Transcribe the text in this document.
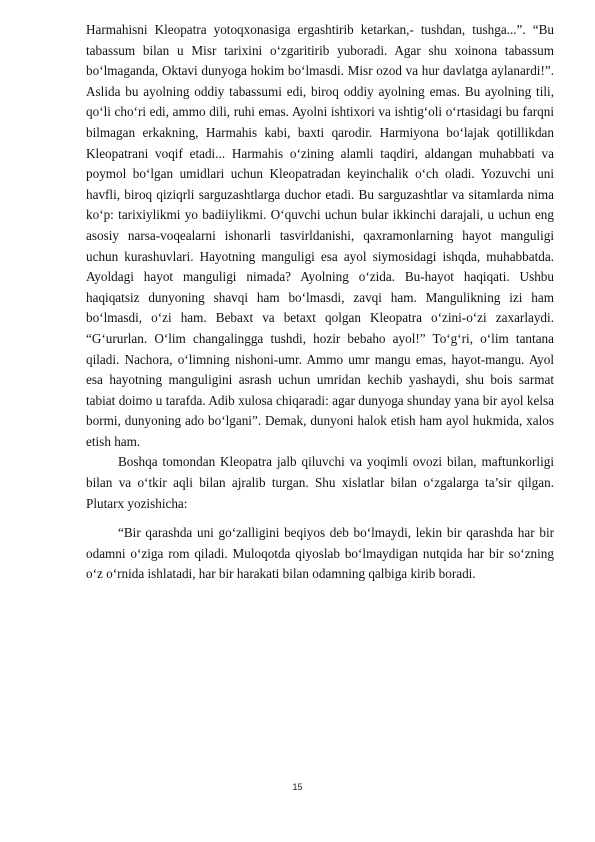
Harmahisni Kleopatra yotoqxonasiga ergashtirib ketarkan,- tushdan, tushga...”. “Bu tabassum bilan u Misr tarixini o‘zgaritirib yuboradi. Agar shu xoinona tabassum bo‘lmaganda, Oktavi dunyoga hokim bo‘lmasdi. Misr ozod va hur davlatga aylanardi!”. Aslida bu ayolning oddiy tabassumi edi, biroq oddiy ayolning emas. Bu ayolning tili, qo‘li cho‘ri edi, ammo dili, ruhi emas. Ayolni ishtixori va ishtig‘oli o‘rtasidagi bu farqni bilmagan erkakning, Harmahis kabi, baxti qarodir. Harmiyona bo‘lajak qotillikdan Kleopatrani voqif etadi... Harmahis o‘zining alamli taqdiri, aldangan muhabbati va poymol bo‘lgan umidlari uchun Kleopatradan keyinchalik o‘ch oladi. Yozuvchi uni havfli, biroq qiziqrli sarguzashtlarga duchor etadi. Bu sarguzashtlar va sitamlarda nima ko‘p: tarixiylikmi yo badiiylikmi. O‘quvchi uchun bular ikkinchi darajali, u uchun eng asosiy narsa-voqealarni ishonarli tasvirldanishi, qaxramonlarning hayot manguligi uchun kurashuvlari. Hayotning manguligi esa ayol siymosidagi ishqda, muhabbatda. Ayoldagi hayot manguligi nimada? Ayolning o‘zida. Bu-hayot haqiqati. Ushbu haqiqatsiz dunyoning shavqi ham bo‘lmasdi, zavqi ham. Mangulikning izi ham bo‘lmasdi, o‘zi ham. Bebaxt va betaxt qolgan Kleopatra o‘zini-o‘zi zaxarlaydi. “G‘ururlan. O‘lim changalingga tushdi, hozir bebaho ayol!” To‘g‘ri, o‘lim tantana qiladi. Nachora, o‘limning nishoni-umr. Ammo umr mangu emas, hayot-mangu. Ayol esa hayotning manguligini asrash uchun umridan kechib yashaydi, shu bois sarmat tabiat doimo u tarafda. Adib xulosa chiqaradi: agar dunyoga shunday yana bir ayol kelsa bormi, dunyoning ado bo‘lgani”. Demak, dunyoni halok etish ham ayol hukmida, xalos etish ham.

Boshqa tomondan Kleopatra jalb qiluvchi va yoqimli ovozi bilan, maftunkorligi bilan va o‘tkir aqli bilan ajralib turgan. Shu xislatlar bilan o‘zgalarga ta’sir qilgan. Plutarx yozishicha:

“Bir qarashda uni go‘zalligini beqiyos deb bo‘lmaydi, lekin bir qarashda har bir odamni o‘ziga rom qiladi. Muloqotda qiyoslab bo‘lmaydigan nutqida har bir so‘zning o‘z o‘rnida ishlatadi, har bir harakati bilan odamning qalbiga kirib boradi.

15
